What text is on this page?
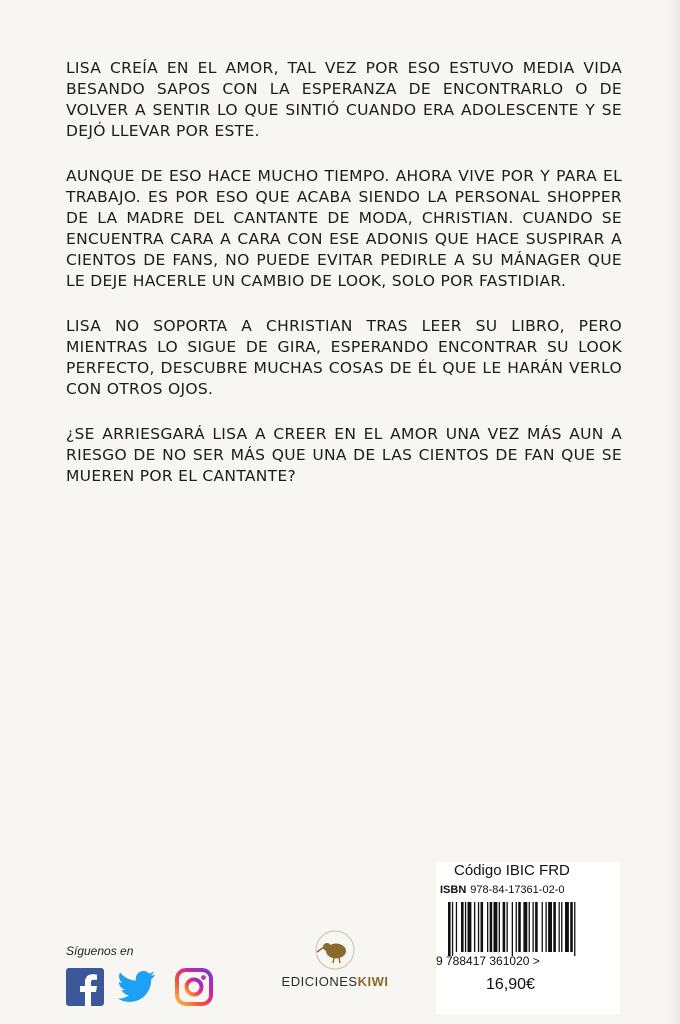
LISA CREÍA EN EL AMOR, TAL VEZ POR ESO ESTUVO MEDIA VIDA BESANDO SAPOS CON LA ESPERANZA DE ENCONTRARLO O DE VOLVER A SENTIR LO QUE SINTIÓ CUANDO ERA ADOLESCENTE Y SE DEJÓ LLEVAR POR ESTE.

AUNQUE DE ESO HACE MUCHO TIEMPO. AHORA VIVE POR Y PARA EL TRABAJO. ES POR ESO QUE ACABA SIENDO LA PERSONAL SHOPPER DE LA MADRE DEL CANTANTE DE MODA, CHRISTIAN. CUANDO SE ENCUENTRA CARA A CARA CON ESE ADONIS QUE HACE SUSPIRAR A CIENTOS DE FANS, NO PUEDE EVITAR PEDIRLE A SU MÁNAGER QUE LE DEJE HACERLE UN CAMBIO DE LOOK, SOLO POR FASTIDIAR.

LISA NO SOPORTA A CHRISTIAN TRAS LEER SU LIBRO, PERO MIENTRAS LO SIGUE DE GIRA, ESPERANDO ENCONTRAR SU LOOK PERFECTO, DESCUBRE MUCHAS COSAS DE ÉL QUE LE HARÁN VERLO CON OTROS OJOS.

¿SE ARRIESGARÁ LISA A CREER EN EL AMOR UNA VEZ MÁS AUN A RIESGO DE NO SER MÁS QUE UNA DE LAS CIENTOS DE FAN QUE SE MUEREN POR EL CANTANTE?

Síguenos en
EDICIONESKIWI
Código IBIC FRD
ISBN 978-84-17361-02-0
9 788417 361020 >
16,90€
